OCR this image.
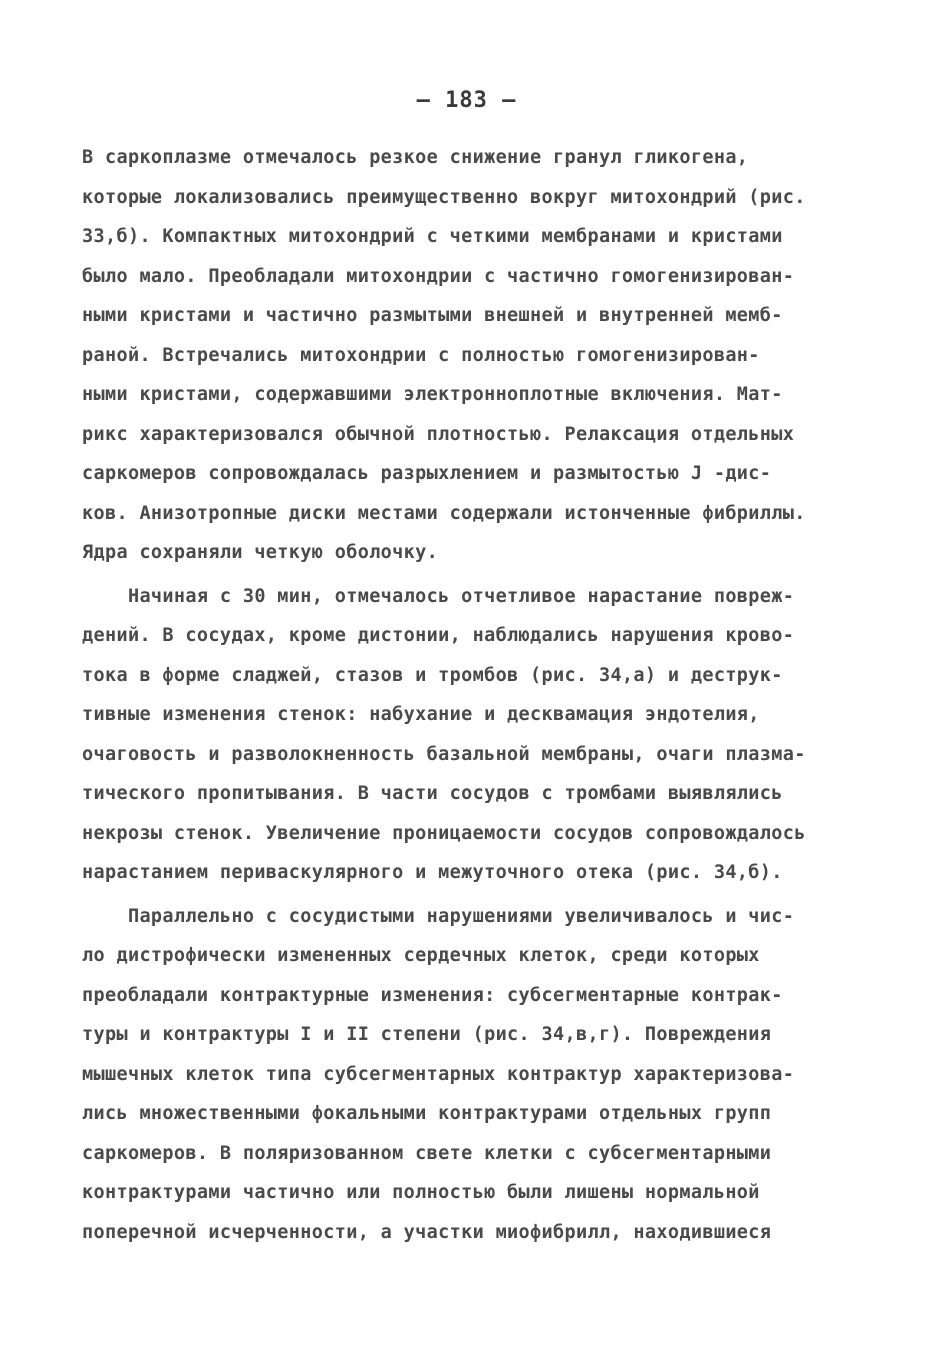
– 183 –
В саркоплазме отмечалось резкое снижение гранул гликогена,
которые локализовались преимущественно вокруг митохондрий (рис.
33,б). Компактных митохондрий с четкими мембранами и кристами
было мало. Преобладали митохондрии с частично гомогенизирован-
ными кристами и частично размытыми внешней и внутренней мемб-
раной. Встречались митохондрии с полностью гомогенизирован-
ными кристами, содержавшими электронноплотные включения. Мат-
рикс характеризовался обычной плотностью. Релаксация отдельных
саркомеров сопровождалась разрыхлением и размытостью J -дис-
ков. Анизотропные диски местами содержали истонченные фибриллы.
Ядра сохраняли четкую оболочку.
Начиная с 30 мин, отмечалось отчетливое нарастание повреж-
дений. В сосудах, кроме дистонии, наблюдались нарушения крово-
тока в форме сладжей, стазов и тромбов (рис. 34,а) и деструк-
тивные изменения стенок: набухание и десквамация эндотелия,
очаговость и разволокненность базальной мембраны, очаги плазма-
тического пропитывания. В части сосудов с тромбами выявлялись
некрозы стенок. Увеличение проницаемости сосудов сопровождалось
нарастанием периваскулярного и межуточного отека (рис. 34,б).
Параллельно с сосудистыми нарушениями увеличивалось и чис-
ло дистрофически измененных сердечных клеток, среди которых
преобладали контрактурные изменения: субсегментарные контрак-
туры и контрактуры I и II степени (рис. 34,в,г). Повреждения
мышечных клеток типа субсегментарных контрактур характеризова-
лись множественными фокальными контрактурами отдельных групп
саркомеров. В поляризованном свете клетки с субсегментарными
контрактурами частично или полностью были лишены нормальной
поперечной исчерченности, а участки миофибрилл, находившиеся
